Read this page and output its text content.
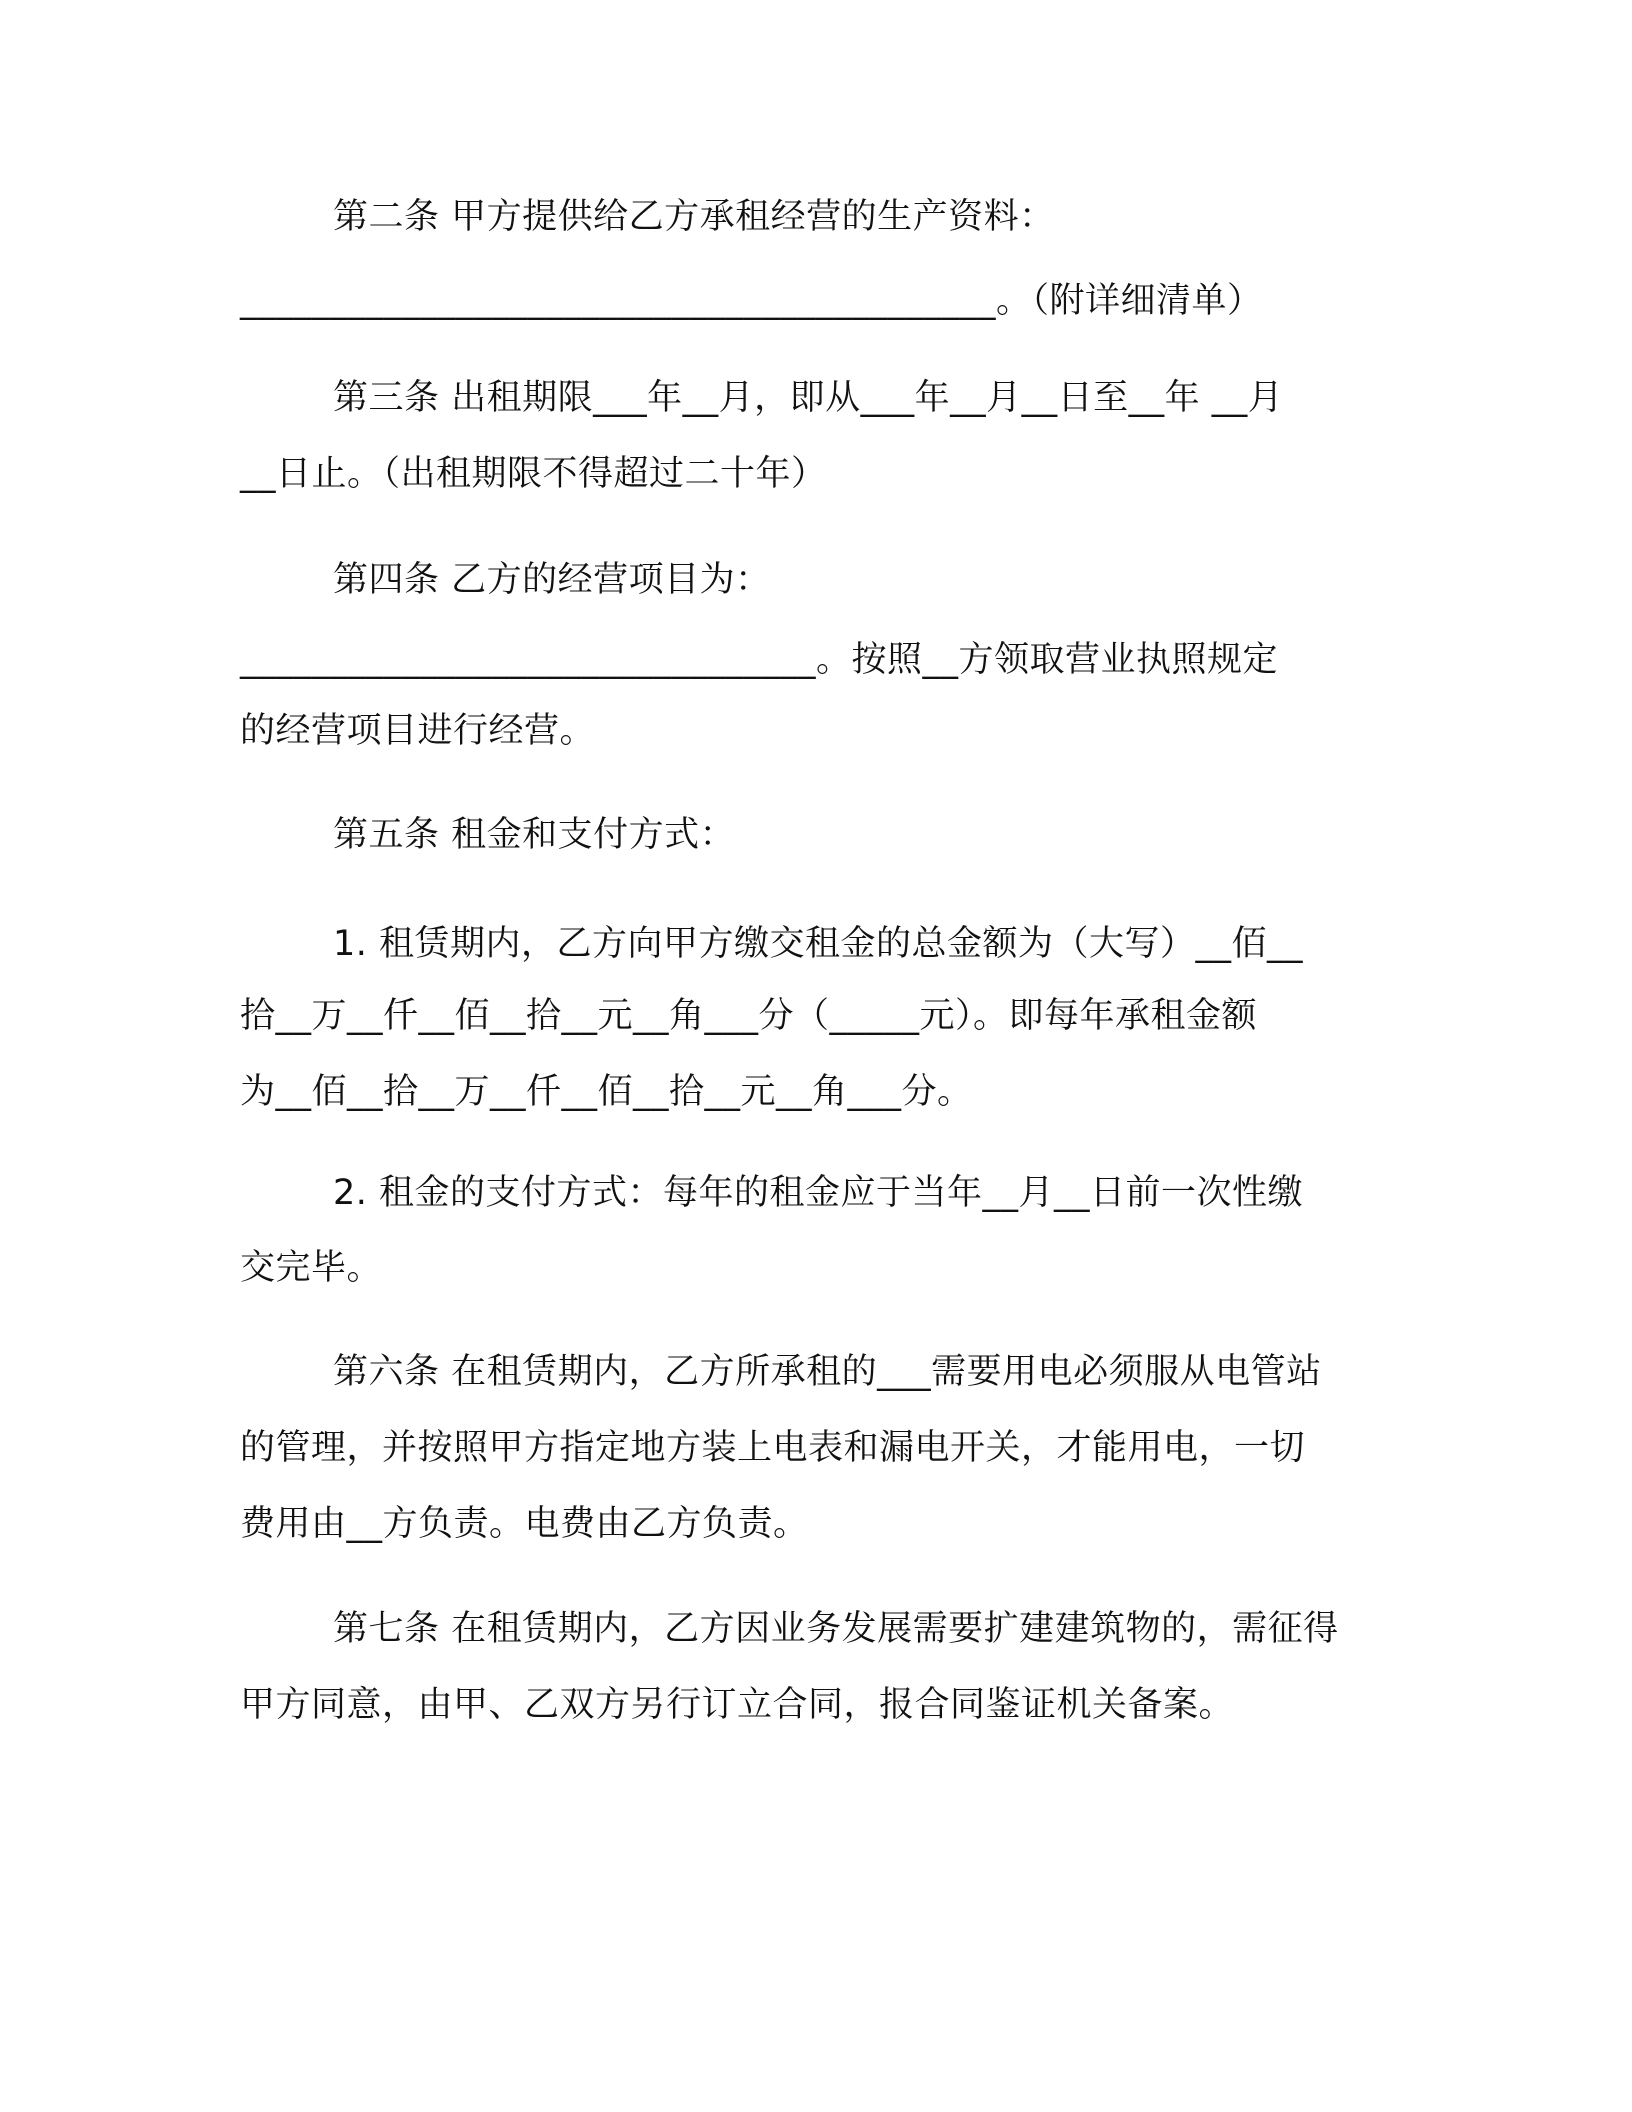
第二条 甲方提供给乙方承租经营的生产资料：
__________________________________________。（附详细清单）
第三条 出租期限___年__月，即从___年__月__日至__年 __月
__日止。（出租期限不得超过二十年）
第四条 乙方的经营项目为：
________________________________。按照__方领取营业执照规定
的经营项目进行经营。
第五条 租金和支付方式：
1. 租赁期内，乙方向甲方缴交租金的总金额为（大写）__佰__
拾__万__仟__佰__拾__元__角___分（_____元）。即每年承租金额
为__佰__拾__万__仟__佰__拾__元__角___分。
2. 租金的支付方式：每年的租金应于当年__月__日前一次性缴
交完毕。
第六条 在租赁期内，乙方所承租的___需要用电必须服从电管站
的管理，并按照甲方指定地方装上电表和漏电开关，才能用电，一切
费用由__方负责。电费由乙方负责。
第七条 在租赁期内，乙方因业务发展需要扩建建筑物的，需征得
甲方同意，由甲、乙双方另行订立合同，报合同鉴证机关备案。
